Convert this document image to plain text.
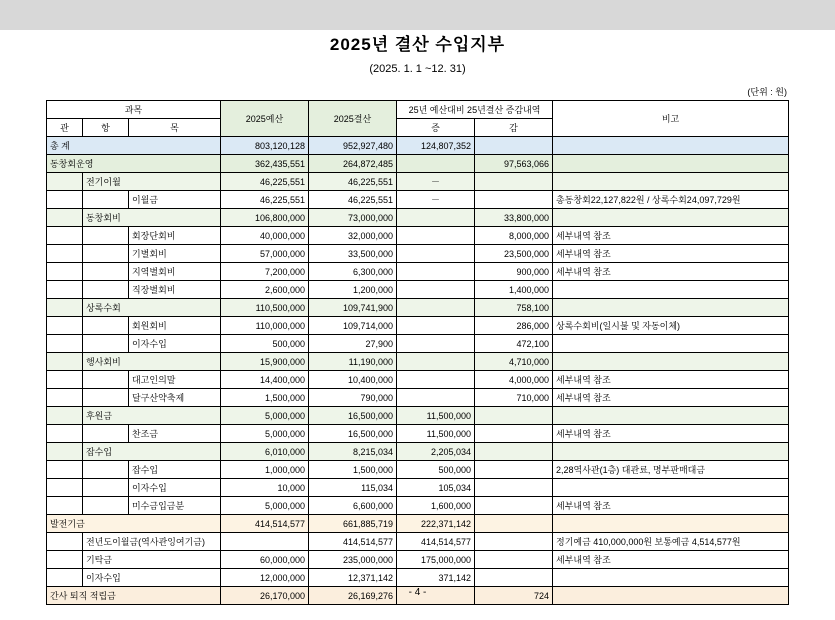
2025년 결산 수입지부
(2025. 1. 1 ~12. 31)
(단위 : 원)
과목			2025예산	2025결산	25년 예산대비 25년결산 증감내역		비고
관	항	목			증	감	
총 계			803,120,128	952,927,480	124,807,352		
동창회운영			362,435,551	264,872,485		97,563,066	
	전기이월		46,225,551	46,225,551	－		
		이월금	46,225,551	46,225,551	－		총동창회22,127,822원 / 상록수회24,097,729원
	동창회비		106,800,000	73,000,000		33,800,000	
		회장단회비	40,000,000	32,000,000		8,000,000	세부내역 참조
		기별회비	57,000,000	33,500,000		23,500,000	세부내역 참조
		지역별회비	7,200,000	6,300,000		900,000	세부내역 참조
		직장별회비	2,600,000	1,200,000		1,400,000	
	상록수회		110,500,000	109,741,900		758,100	
		회원회비	110,000,000	109,714,000		286,000	상록수회비(일시불 및 자동이체)
		이자수입	500,000	27,900		472,100	
	행사회비		15,900,000	11,190,000		4,710,000	
		대고인의말	14,400,000	10,400,000		4,000,000	세부내역 참조
		달구산약축제	1,500,000	790,000		710,000	세부내역 참조
	후원금		5,000,000	16,500,000	11,500,000		
		찬조금	5,000,000	16,500,000	11,500,000		세부내역 참조
	잡수입		6,010,000	8,215,034	2,205,034		
		잡수입	1,000,000	1,500,000	500,000		2,28역사관(1층) 대관료, 명부판매대금
		이자수입	10,000	115,034	105,034		
		미수금입금분	5,000,000	6,600,000	1,600,000		세부내역 참조
발전기금			414,514,577	661,885,719	222,371,142		
	전년도이월금(역사관잉여기금)			414,514,577	414,514,577		정기예금 410,000,000원 보통예금 4,514,577원
	기탁금		60,000,000	235,000,000	175,000,000		세부내역 참조
	이자수입		12,000,000	12,371,142	371,142		
간사 퇴직 적립금			26,170,000	26,169,276		724	
- 4 -
